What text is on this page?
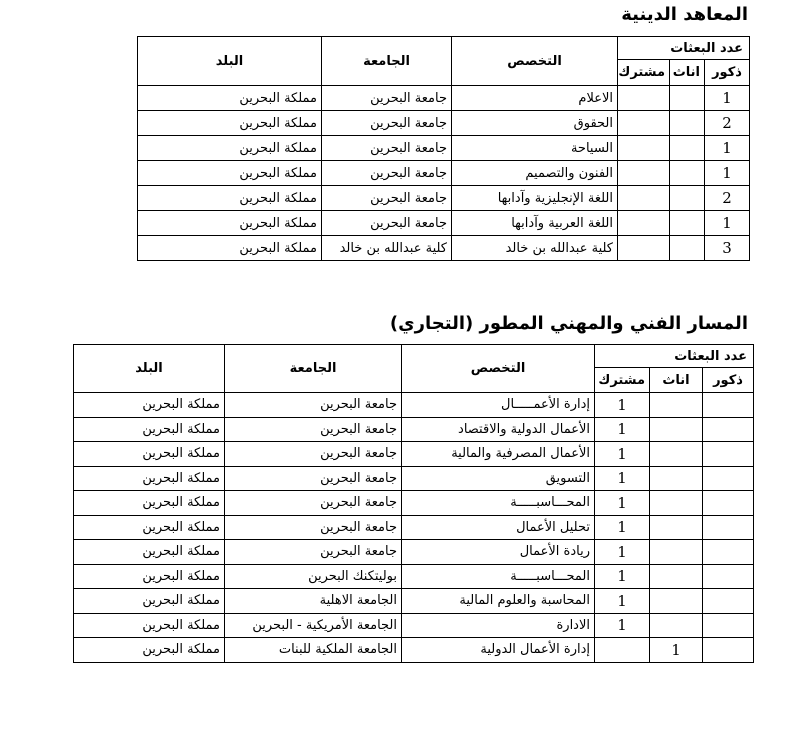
المعاهد الدينية
عدد البعثات			التخصص	الجامعة	البلد
ذكور	اناث	مشترك			
1			الاعلام	جامعة البحرين	مملكة البحرين
2			الحقوق	جامعة البحرين	مملكة البحرين
1			السياحة	جامعة البحرين	مملكة البحرين
1			الفنون والتصميم	جامعة البحرين	مملكة البحرين
2			اللغة الإنجليزية وآدابها	جامعة البحرين	مملكة البحرين
1			اللغة العربية وآدابها	جامعة البحرين	مملكة البحرين
3			كلية عبدالله بن خالد	كلية عبدالله بن خالد	مملكة البحرين
المسار الفني والمهني المطور (التجاري)
عدد البعثات			التخصص	الجامعة	البلد
ذكور	اناث	مشترك			
		1	إدارة الأعمـــــال	جامعة البحرين	مملكة البحرين
		1	الأعمال الدولية والاقتصاد	جامعة البحرين	مملكة البحرين
		1	الأعمال المصرفية والمالية	جامعة البحرين	مملكة البحرين
		1	التسويق	جامعة البحرين	مملكة البحرين
		1	المحـــاسبـــــة	جامعة البحرين	مملكة البحرين
		1	تحليل الأعمال	جامعة البحرين	مملكة البحرين
		1	ريادة الأعمال	جامعة البحرين	مملكة البحرين
		1	المحـــاسبـــــة	بوليتكنك البحرين	مملكة البحرين
		1	المحاسبة والعلوم المالية	الجامعة الاهلية	مملكة البحرين
		1	الادارة	الجامعة الأمريكية - البحرين	مملكة البحرين
	1		إدارة الأعمال الدولية	الجامعة الملكية للبنات	مملكة البحرين
